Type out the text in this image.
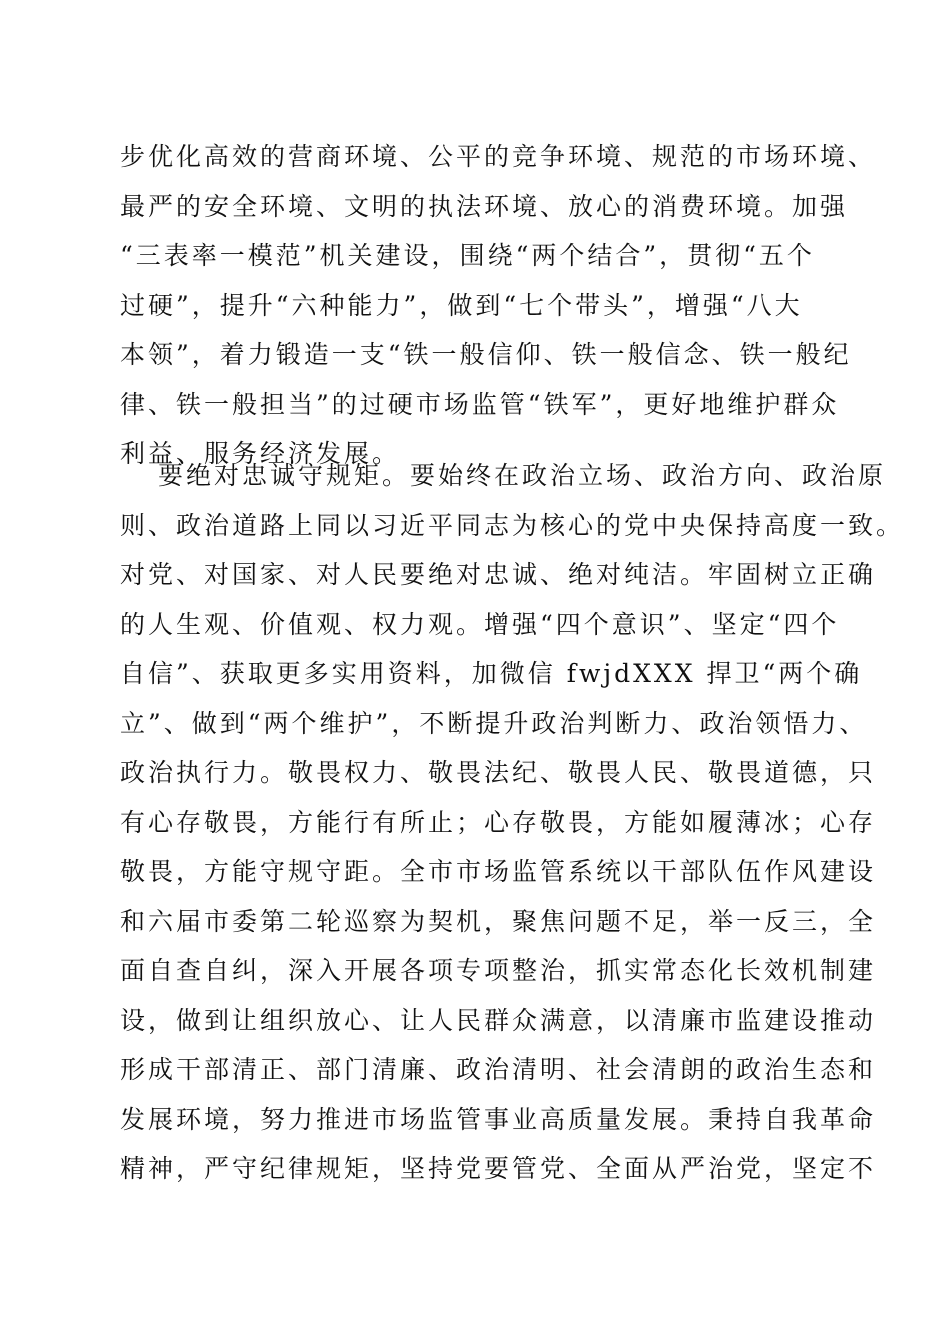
步优化高效的营商环境、公平的竞争环境、规范的市场环境、
最严的安全环境、文明的执法环境、放心的消费环境。加强
“三表率一模范”机关建设，围绕“两个结合”，贯彻“五个
过硬”，提升“六种能力”，做到“七个带头”，增强“八大
本领”，着力锻造一支“铁一般信仰、铁一般信念、铁一般纪
律、铁一般担当”的过硬市场监管“铁军”，更好地维护群众
利益、服务经济发展。
要绝对忠诚守规矩。要始终在政治立场、政治方向、政治原
则、政治道路上同以习近平同志为核心的党中央保持高度一致。
对党、对国家、对人民要绝对忠诚、绝对纯洁。牢固树立正确
的人生观、价值观、权力观。增强“四个意识”、坚定“四个
自信”、获取更多实用资料，加微信 fwjdXXX 捍卫“两个确
立”、做到“两个维护”，不断提升政治判断力、政治领悟力、
政治执行力。敬畏权力、敬畏法纪、敬畏人民、敬畏道德，只
有心存敬畏，方能行有所止；心存敬畏，方能如履薄冰；心存
敬畏，方能守规守距。全市市场监管系统以干部队伍作风建设
和六届市委第二轮巡察为契机，聚焦问题不足，举一反三，全
面自查自纠，深入开展各项专项整治，抓实常态化长效机制建
设，做到让组织放心、让人民群众满意，以清廉市监建设推动
形成干部清正、部门清廉、政治清明、社会清朗的政治生态和
发展环境，努力推进市场监管事业高质量发展。秉持自我革命
精神，严守纪律规矩，坚持党要管党、全面从严治党，坚定不
